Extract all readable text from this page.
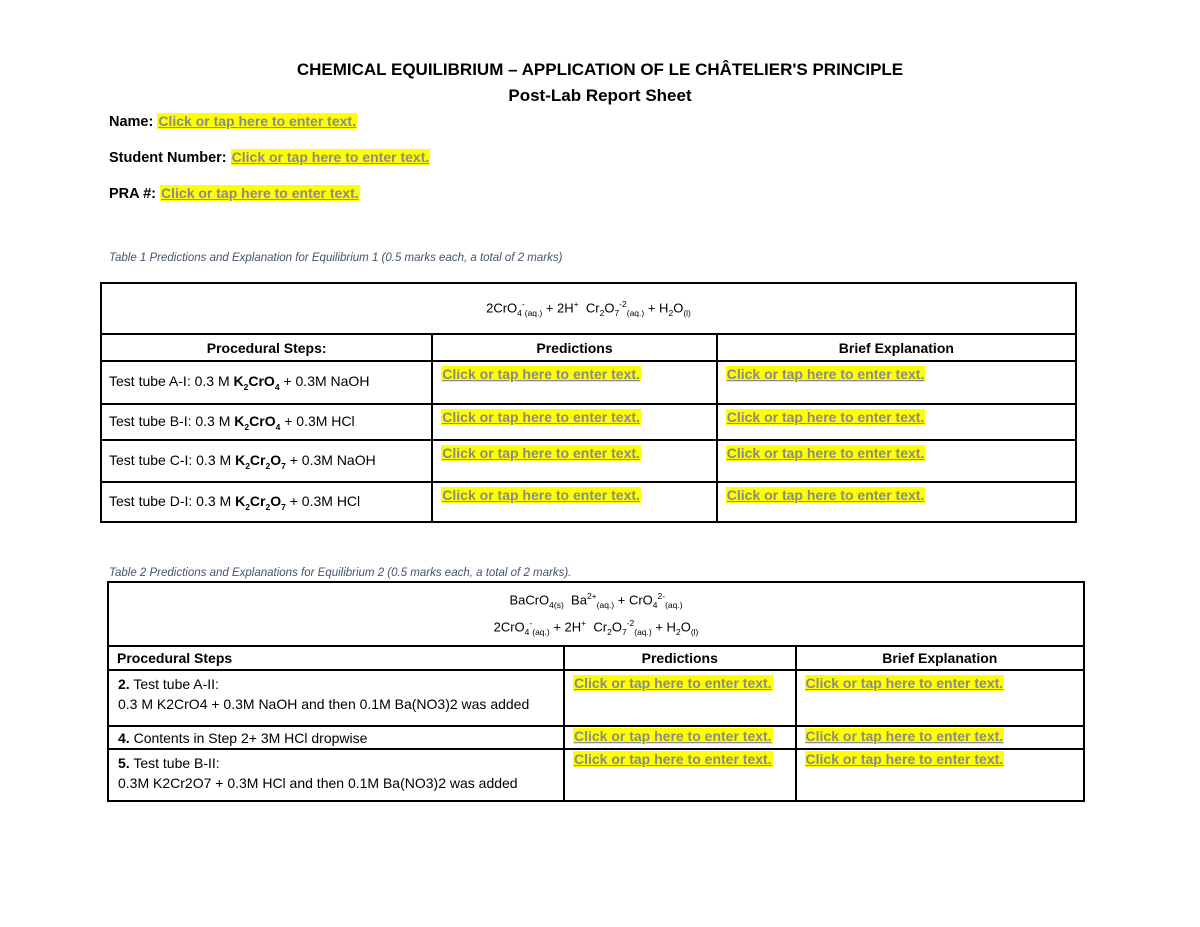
CHEMICAL EQUILIBRIUM – APPLICATION OF LE CHÂTELIER'S PRINCIPLE
Post-Lab Report Sheet
Name: Click or tap here to enter text.
Student Number: Click or tap here to enter text.
PRA #: Click or tap here to enter text.
Table 1 Predictions and Explanation for Equilibrium 1 (0.5 marks each, a total of 2 marks)
2CrO$_4$-$_{(aq.)}$ + 2H+  $Cr_2O_7^{-2}_{(aq.)} + H_2O_{(l)}$
Procedural Steps:	Predictions	Brief Explanation
Test tube A-I: 0.3 M $K_2CrO_4 + 0.3M$ NaOH	Click or tap here to enter text.	Click or tap here to enter text.
Test tube B-I: 0.3 M $K_2CrO_4 + 0.3M$ HCl	Click or tap here to enter text.	Click or tap here to enter text.
Test tube C-I: 0.3 M $K_2Cr_2O_7 + 0.3M$ NaOH	Click or tap here to enter text.	Click or tap here to enter text.
Test tube D-I: 0.3 M $K_2Cr_2O_7 + 0.3M$ HCl	Click or tap here to enter text.	Click or tap here to enter text.
Table 2 Predictions and Explanations for Equilibrium 2 (0.5 marks each, a total of 2 marks).
BaCrO$_{4(s)}$  $Ba^{2+}_{(aq.)} + CrO_4^{2-}_{(aq.)}$
2CrO$_4$-$_{(aq.)}$ + 2H+  $Cr_2O_7^{-2}_{(aq.)} + H_2O_{(l)}$
Procedural Steps	Predictions	Brief Explanation
2. Test tube A-II:
0.3 M K2CrO4 + 0.3M NaOH and then 0.1M Ba(NO3)2 was added	Click or tap here to enter text.	Click or tap here to enter text.
4. Contents in Step 2+ 3M HCl dropwise	Click or tap here to enter text.	Click or tap here to enter text.
5. Test tube B-II:
0.3M K2Cr2O7 + 0.3M HCl and then 0.1M Ba(NO3)2 was added	Click or tap here to enter text.	Click or tap here to enter text.
